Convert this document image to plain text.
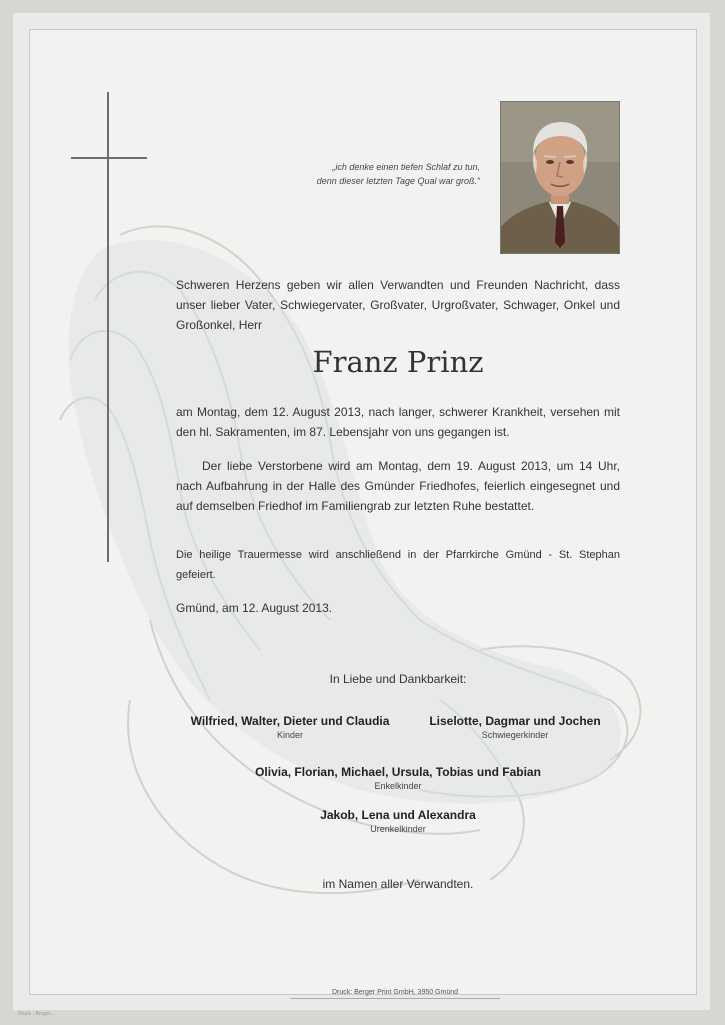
„ich denke einen tiefen Schlaf zu tun,
denn dieser letzten Tage Qual war groß.“
Schweren Herzens geben wir allen Verwandten und Freunden Nachricht, dass unser lieber Vater, Schwiegervater, Großvater, Urgroßvater, Schwager, Onkel und Großonkel, Herr
Franz Prinz
am Montag, dem 12. August 2013, nach langer, schwerer Krankheit, versehen mit den hl. Sakramenten, im 87. Lebensjahr von uns gegangen ist.
Der liebe Verstorbene wird am Montag, dem 19. August 2013, um 14 Uhr, nach Aufbahrung in der Halle des Gmünder Friedhofes, feierlich eingesegnet und auf demselben Friedhof im Familiengrab zur letzten Ruhe bestattet.
Die heilige Trauermesse wird anschließend in der Pfarrkirche Gmünd - St. Stephan gefeiert.
Gmünd, am 12. August 2013.
In Liebe und Dankbarkeit:
Wilfried, Walter, Dieter und Claudia
Kinder
Liselotte, Dagmar und Jochen
Schwiegerkinder
Olivia, Florian, Michael, Ursula, Tobias und Fabian
Enkelkinder
Jakob, Lena und Alexandra
Urenkelkinder
im Namen aller Verwandten.
Druck: Berger Print GmbH, 3950 Gmünd
Druck - Berger...
